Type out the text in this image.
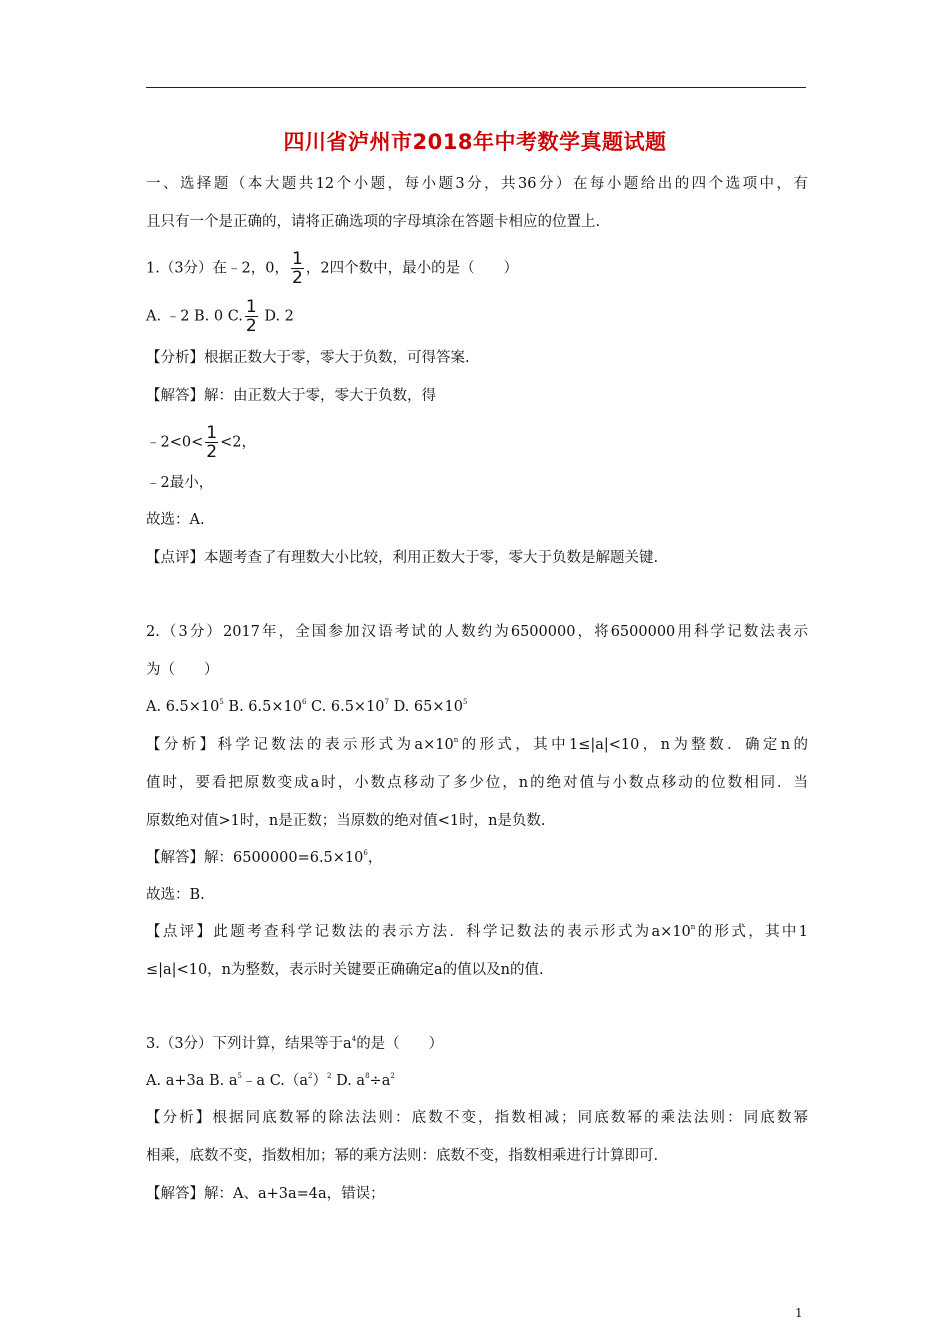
四川省泸州市2018年中考数学真题试题
一、选择题（本大题共12个小题，每小题3分，共36分）在每小题给出的四个选项中，有
且只有一个是正确的，请将正确选项的字母填涂在答题卡相应的位置上.
1.（3分）在﹣2，0， $\frac{1}{2}$ ，2四个数中，最小的是（　　）
A. ﹣2 B. 0 C. $\frac{1}{2} D$. 2
【分析】根据正数大于零，零大于负数，可得答案.
【解答】解：由正数大于零，零大于负数，得
﹣2<0< $\frac{1}{2} <2$，
﹣2最小，
故选：A.
【点评】本题考查了有理数大小比较，利用正数大于零，零大于负数是解题关键.
2.（3分）2017年，全国参加汉语考试的人数约为6500000，将6500000用科学记数法表示
为（　　）
A. $6.5\times 10^5$ B. $6.5\times 10^6$ C. $6.5\times 10^7$ D. $65\times 10^5$
【分析】科学记数法的表示形式为$a\times 10^n$的形式，其中1≤|a|<10，n为整数．确定n的
值时，要看把原数变成a时，小数点移动了多少位，n的绝对值与小数点移动的位数相同．当
原数绝对值>1时，n是正数；当原数的绝对值<1时，n是负数.
【解答】解：$6500000=6.5\times 10^6$，
故选：B.
【点评】此题考查科学记数法的表示方法．科学记数法的表示形式为$a\times 10^n$的形式，其中1
≤|a|<10，n为整数，表示时关键要正确确定a的值以及n的值.
3.（3分）下列计算，结果等于$a^4$的是（　　）
A. a+3a B. $a^5﹣a$ $C.(a^2)^2$ D. $a^8\div a^2$
【分析】根据同底数幂的除法法则：底数不变，指数相减；同底数幂的乘法法则：同底数幂
相乘，底数不变，指数相加；幂的乘方法则：底数不变，指数相乘进行计算即可.
【解答】解：A、a+3a=4a，错误；
1
